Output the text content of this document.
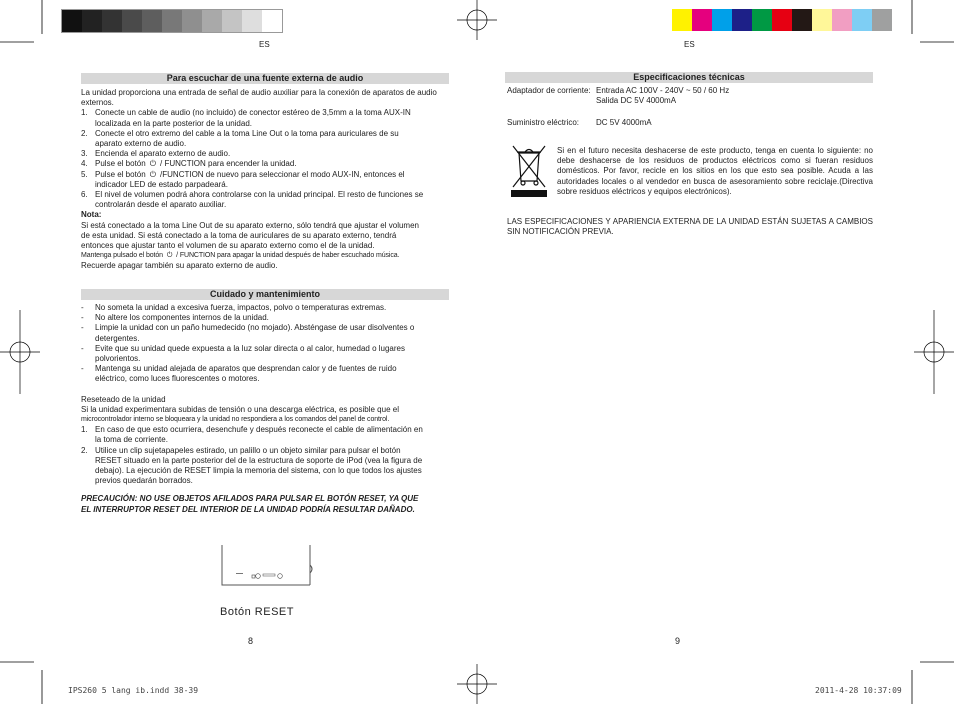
ES
Para escuchar de una fuente externa de audio

La unidad proporciona una entrada de señal de audio auxiliar para la conexión de aparatos de audio externos.

1. Conecte un cable de audio (no incluido) de conector estéreo de 3,5mm a la toma AUX-IN
localizada en la parte posterior de la unidad.
2. Conecte el otro extremo del cable a la toma Line Out o la toma para auriculares de su
aparato externo de audio.
3. Encienda el aparato externo de audio.
4. Pulse el botón ⏻ / FUNCTION para encender la unidad.
5. Pulse el botón ⏻ /FUNCTION de nuevo para seleccionar el modo AUX-IN, entonces el
indicador LED de estado parpadeará.
6. El nivel de volumen podrá ahora controlarse con la unidad principal. El resto de funciones se
controlarán desde el aparato auxiliar.

Nota:

Si está conectado a la toma Line Out de su aparato externo, sólo tendrá que ajustar el volumen

de esta unidad. Si está conectado a la toma de auriculares de su aparato externo, tendrá

entonces que ajustar tanto el volumen de su aparato externo como el de la unidad.

Mantenga pulsado el botón ⏻ / FUNCTION para apagar la unidad después de haber escuchado música.

Recuerde apagar también su aparato externo de audio.

Cuidado y mantenimiento
- No someta la unidad a excesiva fuerza, impactos, polvo o temperaturas extremas.
- No altere los componentes internos de la unidad.
- Limpie la unidad con un paño humedecido (no mojado). Absténgase de usar disolventes o
detergentes.
- Evite que su unidad quede expuesta a la luz solar directa o al calor, humedad o lugares
polvorientos.
- Mantenga su unidad alejada de aparatos que desprendan calor y de fuentes de ruido
eléctrico, como luces fluorescentes o motores.

Reseteado de la unidad

Si la unidad experimentara subidas de tensión o una descarga eléctrica, es posible que el

microcontrolador interno se bloqueara y la unidad no respondiera a los comandos del panel de control.

1. En caso de que esto ocurriera, desenchufe y después reconecte el cable de alimentación en
la toma de corriente.
2. Utilice un clip sujetapapeles estirado, un palillo o un objeto similar para pulsar el botón
RESET situado en la parte posterior del de la estructura de soporte de iPod (vea la figura de
debajo). La ejecución de RESET limpia la memoria del sistema, con lo que todos los ajustes
previos quedarán borrados.
PRECAUCIÓN: NO USE OBJETOS AFILADOS PARA PULSAR EL BOTÓN RESET, YA QUE
EL INTERRUPTOR RESET DEL INTERIOR DE LA UNIDAD PODRÍA RESULTAR DAÑADO.
Botón RESET
8
ES
Especificaciones técnicas
Adaptador de corriente: Entrada AC 100V - 240V ~ 50 / 60 Hz
Salida DC 5V 4000mA
Suministro eléctrico:	DC 5V 4000mA
Si en el futuro necesita deshacerse de este producto, tenga en cuenta lo siguiente: no debe deshacerse de los residuos de productos eléctricos como si fueran residuos domésticos. Por favor, recicle en los sitios en los que esto sea posible. Acuda a las autoridades locales o al vendedor en busca de asesoramiento sobre reciclaje.(Directiva sobre residuos eléctricos y equipos electrónicos).
LAS ESPECIFICACIONES Y APARIENCIA EXTERNA DE LA UNIDAD ESTÁN SUJETAS A CAMBIOS SIN NOTIFICACIÓN PREVIA.
9
IPS260 5 lang ib.indd 38-39	2011-4-28 10:37:09
